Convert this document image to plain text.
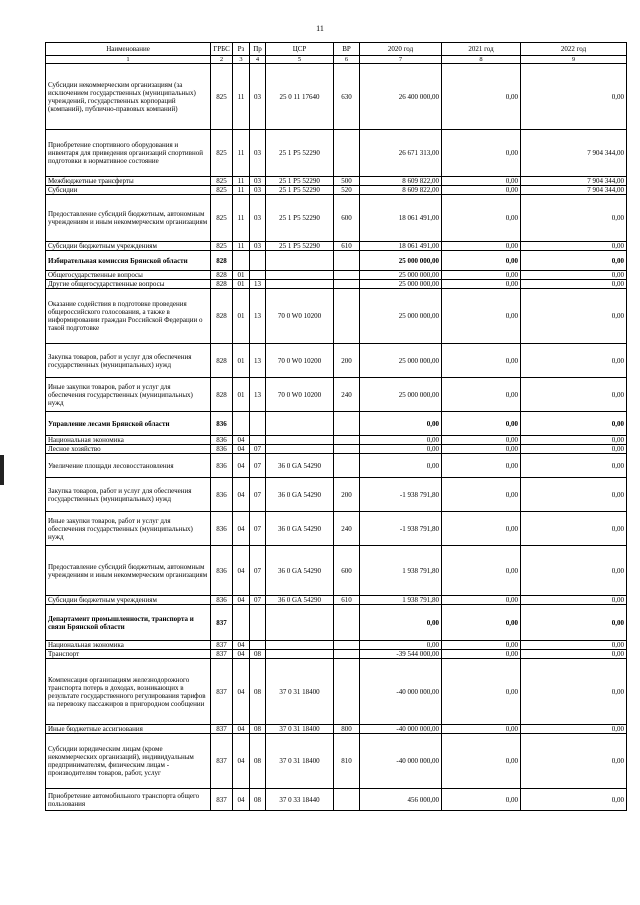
11
Наименование	ГРБС	Рз	Пр	ЦСР	ВР	2020 год	2021 год	2022 год
1	2	3	4	5	6	7	8	9
Субсидии некоммерческим организациям (за исключением государственных (муниципальных) учреждений, государственных корпораций (компаний), публично-правовых компаний)	825	11	03	25 0 11 17640	630	26 400 000,00	0,00	0,00
Приобретение спортивного оборудования и инвентаря для приведения организаций спортивной подготовки в нормативное состояние	825	11	03	25 1 P5 52290		26 671 313,00	0,00	7 904 344,00
Межбюджетные трансферты	825	11	03	25 1 P5 52290	500	8 609 822,00	0,00	7 904 344,00
Субсидии	825	11	03	25 1 P5 52290	520	8 609 822,00	0,00	7 904 344,00
Предоставление субсидий бюджетным, автономным учреждениям и иным некоммерческим организациям	825	11	03	25 1 P5 52290	600	18 061 491,00	0,00	0,00
Субсидии бюджетным учреждениям	825	11	03	25 1 P5 52290	610	18 061 491,00	0,00	0,00
Избирательная комиссия Брянской области	828					25 000 000,00	0,00	0,00
Общегосударственные вопросы	828	01				25 000 000,00	0,00	0,00
Другие общегосударственные вопросы	828	01	13			25 000 000,00	0,00	0,00
Оказание содействия в подготовке проведения общероссийского голосования, а также в информировании граждан Российской Федерации о такой подготовке	828	01	13	70 0 W0 10200		25 000 000,00	0,00	0,00
Закупка товаров, работ и услуг для обеспечения государственных (муниципальных) нужд	828	01	13	70 0 W0 10200	200	25 000 000,00	0,00	0,00
Иные закупки товаров, работ и услуг для обеспечения государственных (муниципальных) нужд	828	01	13	70 0 W0 10200	240	25 000 000,00	0,00	0,00
Управление лесами Брянской области	836					0,00	0,00	0,00
Национальная экономика	836	04				0,00	0,00	0,00
Лесное хозяйство	836	04	07			0,00	0,00	0,00
Увеличение площади лесовосстановления	836	04	07	36 0 GA 54290		0,00	0,00	0,00
Закупка товаров, работ и услуг для обеспечения государственных (муниципальных) нужд	836	04	07	36 0 GA 54290	200	-1 938 791,80	0,00	0,00
Иные закупки товаров, работ и услуг для обеспечения государственных (муниципальных) нужд	836	04	07	36 0 GA 54290	240	-1 938 791,80	0,00	0,00
Предоставление субсидий бюджетным, автономным учреждениям и иным некоммерческим организациям	836	04	07	36 0 GA 54290	600	1 938 791,80	0,00	0,00
Субсидии бюджетным учреждениям	836	04	07	36 0 GA 54290	610	1 938 791,80	0,00	0,00
Департамент промышленности, транспорта и связи Брянской области	837					0,00	0,00	0,00
Национальная экономика	837	04				0,00	0,00	0,00
Транспорт	837	04	08			-39 544 000,00	0,00	0,00
Компенсация организациям железнодорожного транспорта потерь в доходах, возникающих в результате государственного регулирования тарифов на перевозку пассажиров в пригородном сообщении	837	04	08	37 0 31 18400		-40 000 000,00	0,00	0,00
Иные бюджетные ассигнования	837	04	08	37 0 31 18400	800	-40 000 000,00	0,00	0,00
Субсидии юридическим лицам (кроме некоммерческих организаций), индивидуальным предпринимателям, физическим лицам - производителям товаров, работ, услуг	837	04	08	37 0 31 18400	810	-40 000 000,00	0,00	0,00
Приобретение автомобильного транспорта общего пользования	837	04	08	37 0 33 18440		456 000,00	0,00	0,00
